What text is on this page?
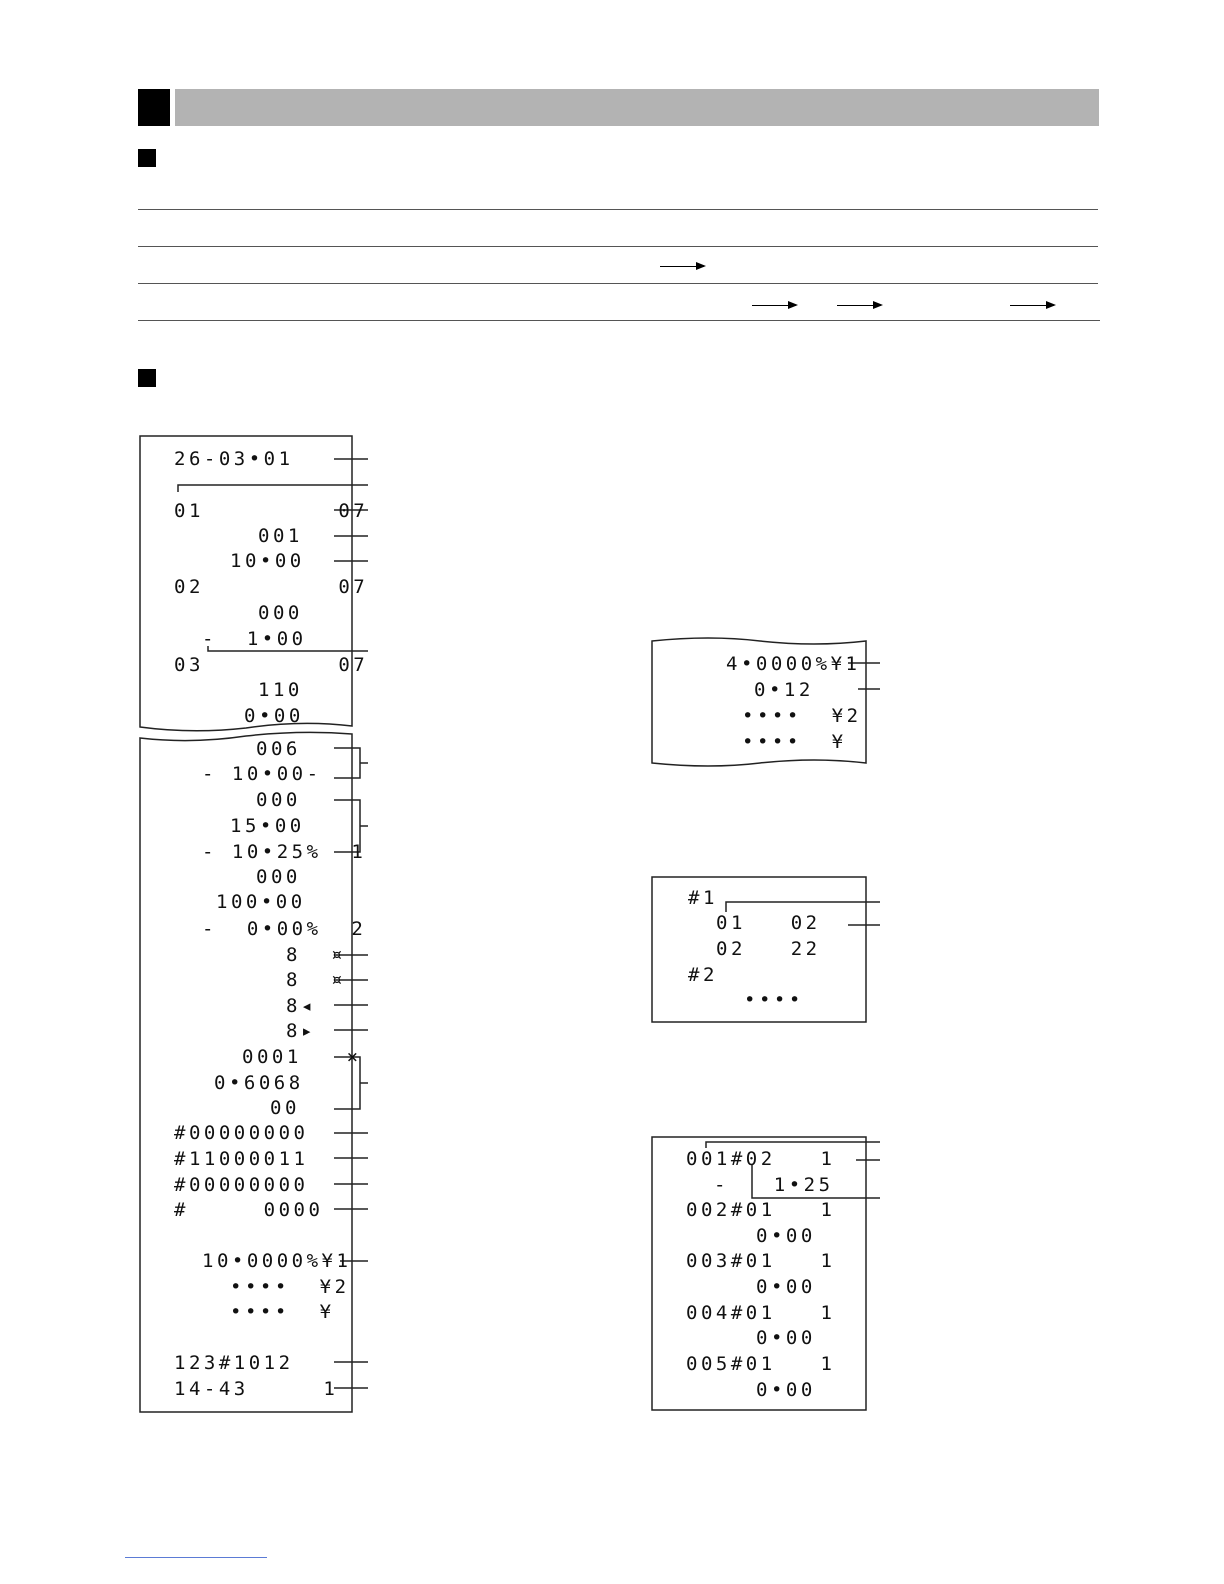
26-03•01
01         07
001
10•00
02         07
000
-  1•00
03         07
110
0•00
006
- 10•00-
000
15•00
- 10•25%  1
000
100•00
-  0•00%  2
8  ¤
8  ¤
8◂
8▸
0001   ×
0•6068
00
#00000000
#11000011
#00000000
#     0000
10•0000%¥1
••••  ¥2
••••  ¥
123#1012
14-43     1
4•0000%¥1
0•12
••••  ¥2
••••  ¥
#1
01   02
02   22
#2
••••
001#02   1
-   1•25
002#01   1
0•00
003#01   1
0•00
004#01   1
0•00
005#01   1
0•00
